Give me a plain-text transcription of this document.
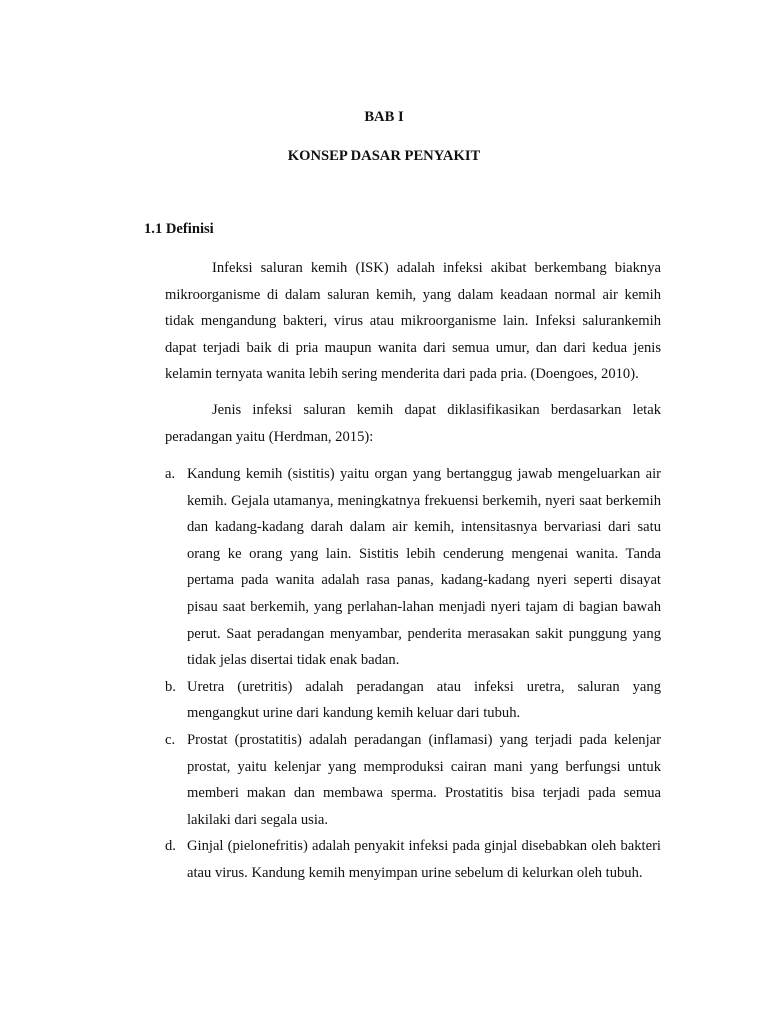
BAB I
KONSEP DASAR PENYAKIT
1.1 Definisi

Infeksi saluran kemih (ISK) adalah infeksi akibat berkembang biaknya mikroorganisme di dalam saluran kemih, yang dalam keadaan normal air kemih tidak mengandung bakteri, virus atau mikroorganisme lain. Infeksi salurankemih dapat terjadi baik di pria maupun wanita dari semua umur, dan dari kedua jenis kelamin ternyata wanita lebih sering menderita dari pada pria. (Doengoes, 2010).

Jenis infeksi saluran kemih dapat diklasifikasikan berdasarkan letak peradangan yaitu (Herdman, 2015):

a. Kandung kemih (sistitis) yaitu organ yang bertanggug jawab mengeluarkan air kemih. Gejala utamanya, meningkatnya frekuensi berkemih, nyeri saat berkemih dan kadang-kadang darah dalam air kemih, intensitasnya bervariasi dari satu orang ke orang yang lain. Sistitis lebih cenderung mengenai wanita. Tanda pertama pada wanita adalah rasa panas, kadang-kadang nyeri seperti disayat pisau saat berkemih, yang perlahan-lahan menjadi nyeri tajam di bagian bawah perut. Saat peradangan menyambar, penderita merasakan sakit punggung yang tidak jelas disertai tidak enak badan.
b. Uretra (uretritis) adalah peradangan atau infeksi uretra, saluran yang mengangkut urine dari kandung kemih keluar dari tubuh.
c. Prostat (prostatitis) adalah peradangan (inflamasi) yang terjadi pada kelenjar prostat, yaitu kelenjar yang memproduksi cairan mani yang berfungsi untuk memberi makan dan membawa sperma. Prostatitis bisa terjadi pada semua lakilaki dari segala usia.
d. Ginjal (pielonefritis) adalah penyakit infeksi pada ginjal disebabkan oleh bakteri atau virus. Kandung kemih menyimpan urine sebelum di kelurkan oleh tubuh.
